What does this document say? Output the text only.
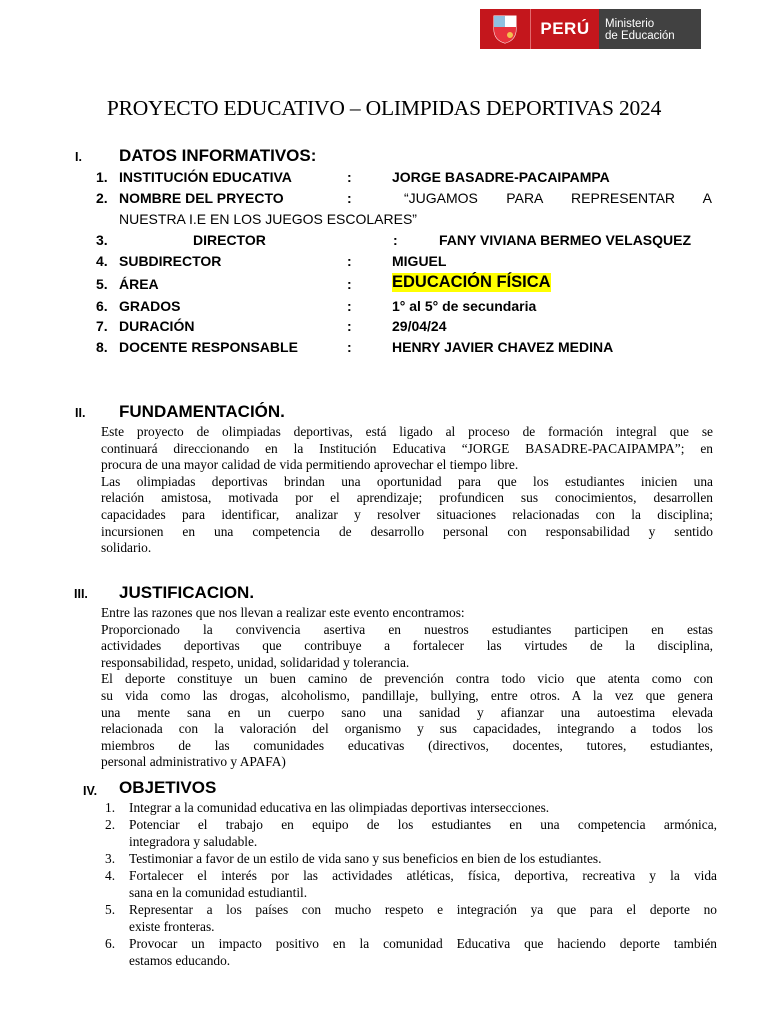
PERÚ	Ministerio
de Educación
PROYECTO EDUCATIVO – OLIMPIDAS DEPORTIVAS 2024
I. DATOS INFORMATIVOS:
1. INSTITUCIÓN EDUCATIVA	:	JORGE BASADRE-PACAIPAMPA
2. NOMBRE DEL PRYECTO	:	“JUGAMOS PARA REPRESENTAR A
NUESTRA I.E EN LOS JUEGOS ESCOLARES”
3.	DIRECTOR	:	FANY VIVIANA BERMEO VELASQUEZ
4. SUBDIRECTOR	:	MIGUEL
5. ÁREA	: EDUCACIÓN FÍSICA
6. GRADOS	:	1° al 5° de secundaria
7. DURACIÓN	:	29/04/24
8. DOCENTE RESPONSABLE	:	HENRY JAVIER CHAVEZ MEDINA
II. FUNDAMENTACIÓN.
Este proyecto de olimpiadas deportivas, está ligado al proceso de formación integral que se
continuará direccionando en la Institución Educativa “JORGE BASADRE-PACAIPAMPA”; en
procura de una mayor calidad de vida permitiendo aprovechar el tiempo libre.
Las olimpiadas deportivas brindan una oportunidad para que los estudiantes inicien una
relación amistosa, motivada por el aprendizaje; profundicen sus conocimientos, desarrollen
capacidades para identificar, analizar y resolver situaciones relacionadas con la disciplina;
incursionen en una competencia de desarrollo personal con responsabilidad y sentido
solidario.
III. JUSTIFICACION.
Entre las razones que nos llevan a realizar este evento encontramos:
Proporcionado la convivencia asertiva en nuestros estudiantes participen en estas
actividades deportivas que contribuye a fortalecer las virtudes de la disciplina,
responsabilidad, respeto, unidad, solidaridad y tolerancia.
El deporte constituye un buen camino de prevención contra todo vicio que atenta como con
su vida como las drogas, alcoholismo, pandillaje, bullying, entre otros. A la vez que genera
una mente sana en un cuerpo sano una sanidad y afianzar una autoestima elevada
relacionada con la valoración del organismo y sus capacidades, integrando a todos los
miembros de las comunidades educativas (directivos, docentes, tutores, estudiantes,
personal administrativo y APAFA)
IV. OBJETIVOS
1. Integrar a la comunidad educativa en las olimpiadas deportivas intersecciones.
2. Potenciar el trabajo en equipo de los estudiantes en una competencia armónica,
integradora y saludable.
3. Testimoniar a favor de un estilo de vida sano y sus beneficios en bien de los estudiantes.
4. Fortalecer el interés por las actividades atléticas, física, deportiva, recreativa y la vida
sana en la comunidad estudiantil.
5. Representar a los países con mucho respeto e integración ya que para el deporte no
existe fronteras.
6. Provocar un impacto positivo en la comunidad Educativa que haciendo deporte también
estamos educando.
